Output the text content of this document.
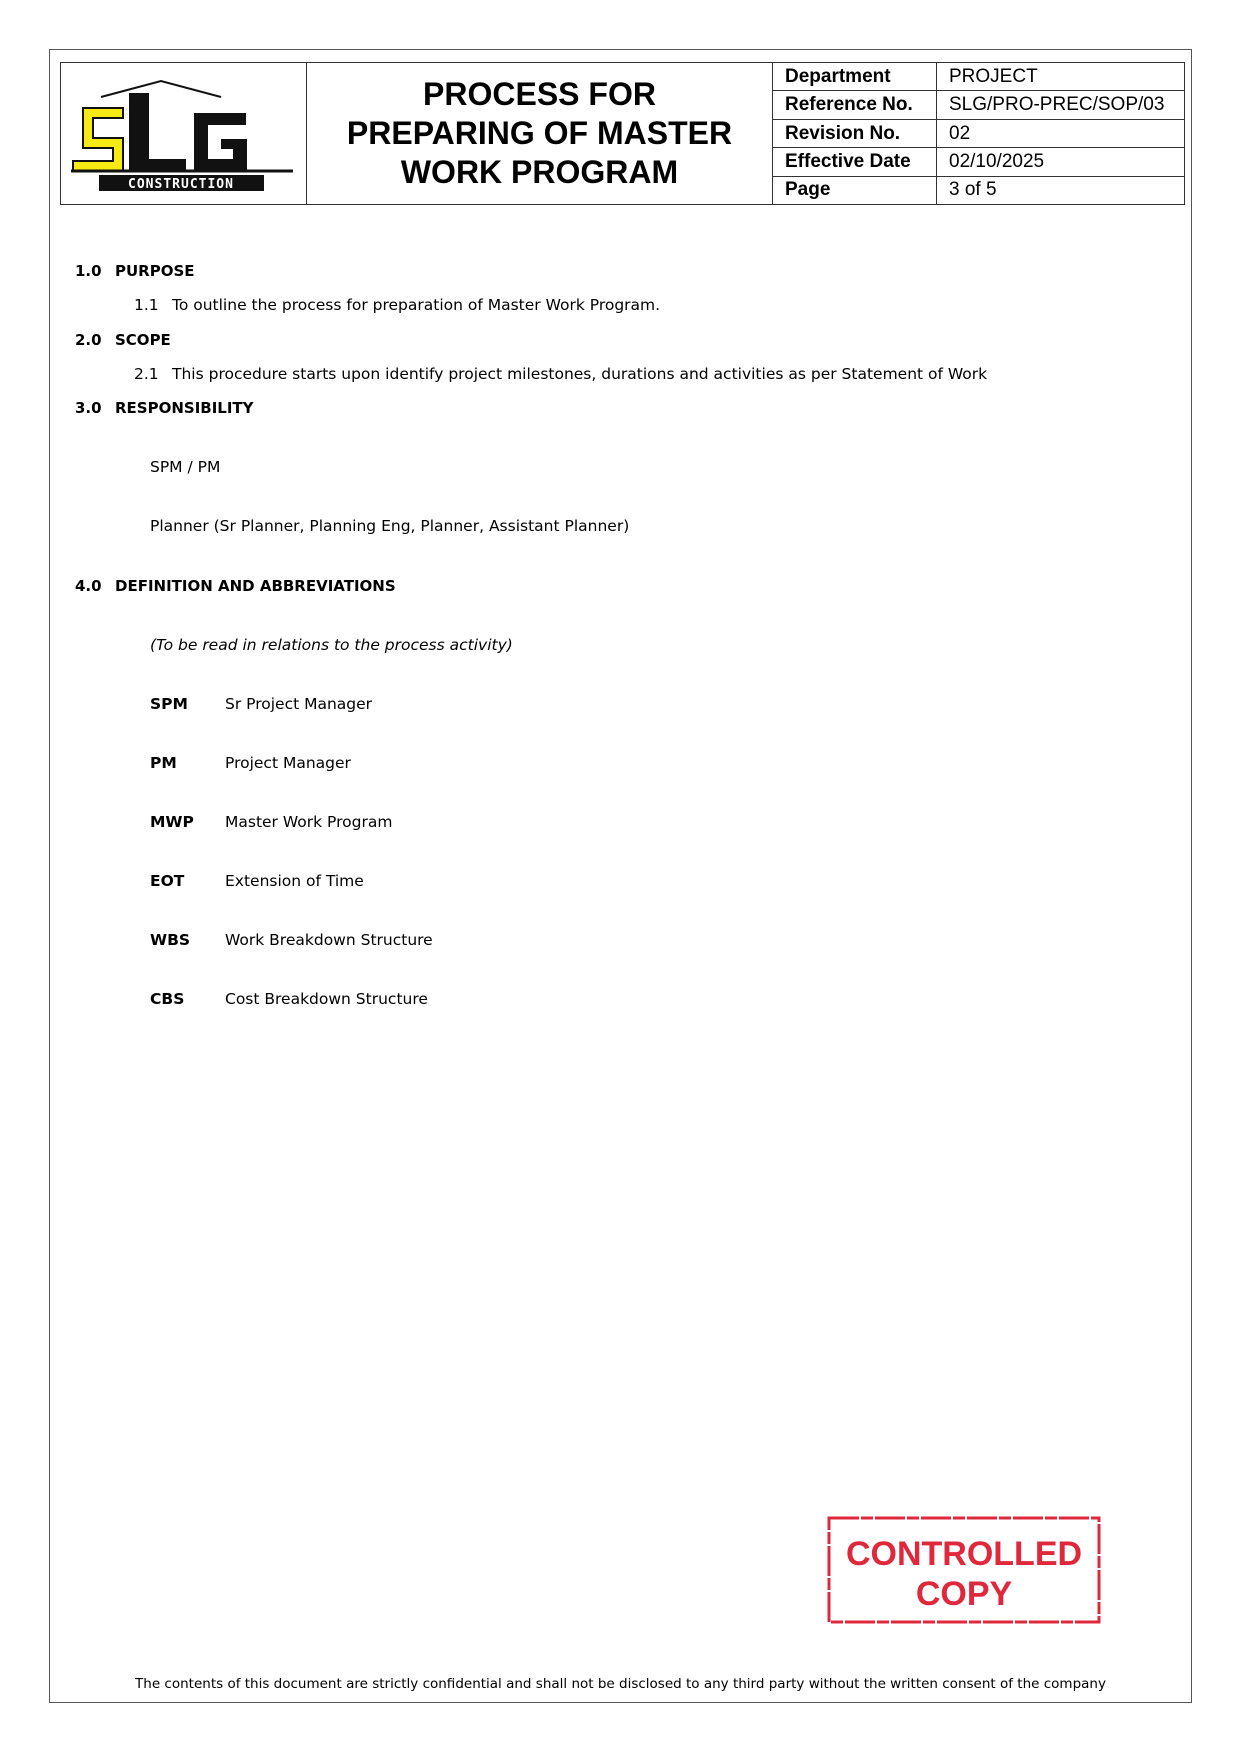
CONSTRUCTION
PROCESS FOR PREPARING OF MASTER WORK PROGRAM
Department	PROJECT
Reference No.	SLG/PRO-PREC/SOP/03
Revision No.	02
Effective Date	02/10/2025
Page	3 of 5
1.0 PURPOSE
1.1 To outline the process for preparation of Master Work Program.
2.0 SCOPE
2.1 This procedure starts upon identify project milestones, durations and activities as per Statement of Work
3.0 RESPONSIBILITY
SPM / PM
Planner (Sr Planner, Planning Eng, Planner, Assistant Planner)
4.0 DEFINITION AND ABBREVIATIONS
(To be read in relations to the process activity)
SPM Sr Project Manager
PM	Project Manager
MWP Master Work Program
EOT	Extension of Time
WBS Work Breakdown Structure
CBS	Cost Breakdown Structure
CONTROLLED
COPY
The contents of this document are strictly confidential and shall not be disclosed to any third party without the written consent of the company
